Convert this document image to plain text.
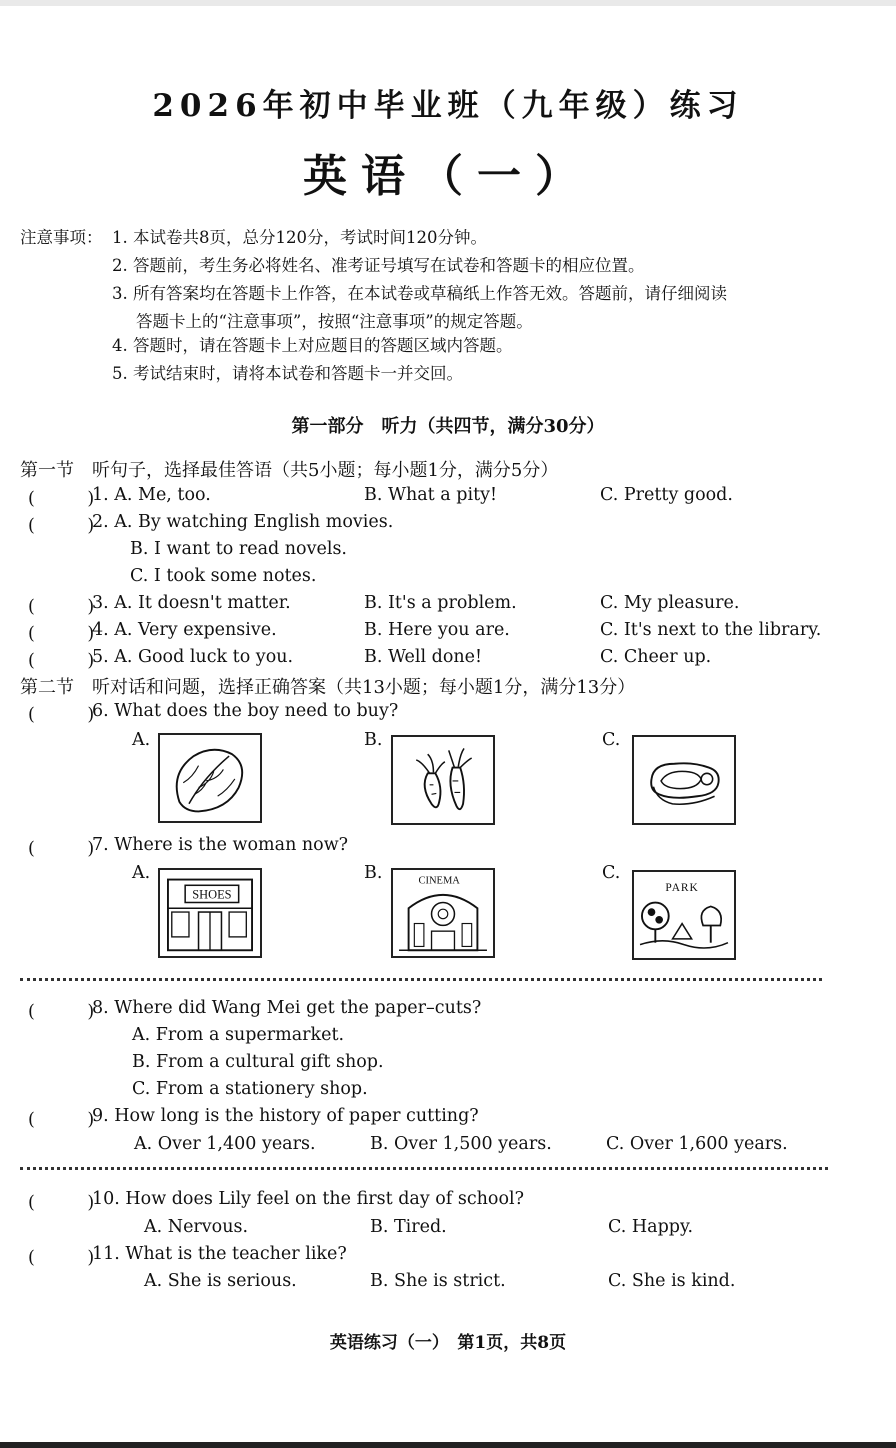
2026年初中毕业班（九年级）练习
英语（一）
注意事项： 1. 本试卷共8页，总分120分，考试时间120分钟。
2. 答题前，考生务必将姓名、准考证号填写在试卷和答题卡的相应位置。
3. 所有答案均在答题卡上作答，在本试卷或草稿纸上作答无效。答题前，请仔细阅读
答题卡上的“注意事项”，按照“注意事项”的规定答题。
4. 答题时，请在答题卡上对应题目的答题区域内答题。
5. 考试结束时，请将本试卷和答题卡一并交回。
第一部分　听力（共四节，满分30分）
第一节　听句子，选择最佳答语（共5小题；每小题1分，满分5分）
(　　　)
1. A. Me, too.	B. What a pity!	C. Pretty good.
(　　　)
2. A. By watching English movies.
B. I want to read novels.
C. I took some notes.
(　　　)
3. A. It doesn't matter.	B. It's a problem.	C. My pleasure.
(　　　)
4. A. Very expensive.	B. Here you are.	C. It's next to the library.
(　　　)
5. A. Good luck to you.	B. Well done!	C. Cheer up.
第二节　听对话和问题，选择正确答案（共13小题；每小题1分，满分13分）
(　　　)
6. What does the boy need to buy?
A.	B.	C.
(　　　)
7. Where is the woman now?
A.	B.	C.
SHOES
CINEMA
PARK
(　　　)
8. Where did Wang Mei get the paper–cuts?
A. From a supermarket.
B. From a cultural gift shop.
C. From a stationery shop.
(　　　)
9. How long is the history of paper cutting?
A. Over 1,400 years.	B. Over 1,500 years.	C. Over 1,600 years.
(　　　)
10. How does Lily feel on the first day of school?
A. Nervous.	B. Tired.	C. Happy.
(　　　)
11. What is the teacher like?
A. She is serious.	B. She is strict.	C. She is kind.
英语练习（一）　第1页，共8页
